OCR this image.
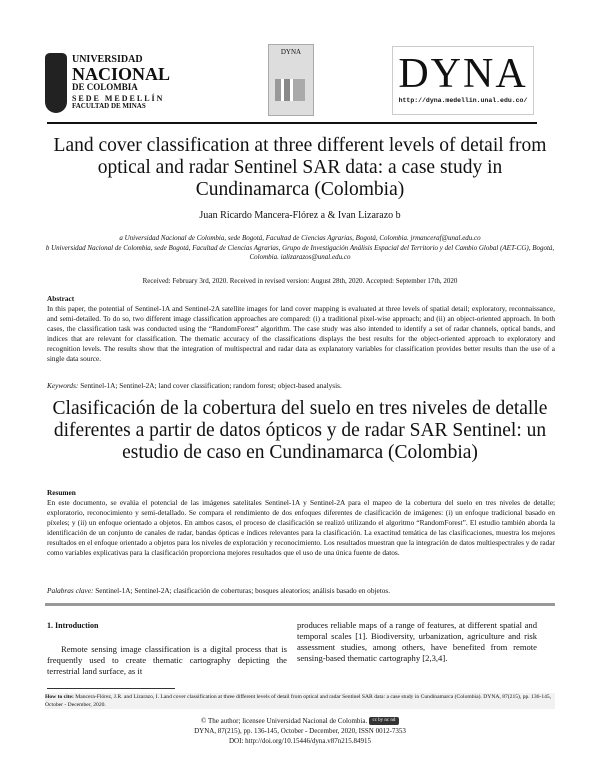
UNIVERSIDAD
NACIONAL
DE COLOMBIA
SEDE MEDELLÍN
FACULTAD DE MINAS
DYNA DYNA
http://dyna.medellin.unal.edu.co/
Land cover classification at three different levels of detail from optical and radar Sentinel SAR data: a case study in Cundinamarca (Colombia)
Juan Ricardo Mancera-Flórez a & Ivan Lizarazo b
a Universidad Nacional de Colombia, sede Bogotá, Facultad de Ciencias Agrarias, Bogotá, Colombia. jrmanceraf@unal.edu.co
b Universidad Nacional de Colombia, sede Bogotá, Facultad de Ciencias Agrarias, Grupo de Investigación Análisis Espacial del Territorio y del Cambio Global (AET-CG), Bogotá, Colombia. ializarazos@unal.edu.co
Received: February 3rd, 2020. Received in revised version: August 28th, 2020. Accepted: September 17th, 2020
Abstract
In this paper, the potential of Sentinel-1A and Sentinel-2A satellite images for land cover mapping is evaluated at three levels of spatial detail; exploratory, reconnaissance, and semi-detailed. To do so, two different image classification approaches are compared: (i) a traditional pixel-wise approach; and (ii) an object-oriented approach. In both cases, the classification task was conducted using the “RandomForest” algorithm. The case study was also intended to identify a set of radar channels, optical bands, and indices that are relevant for classification. The thematic accuracy of the classifications displays the best results for the object-oriented approach to exploratory and recognition levels. The results show that the integration of multispectral and radar data as explanatory variables for classification provides better results than the use of a single data source.
Keywords: Sentinel-1A; Sentinel-2A; land cover classification; random forest; object-based analysis.
Clasificación de la cobertura del suelo en tres niveles de detalle diferentes a partir de datos ópticos y de radar SAR Sentinel: un estudio de caso en Cundinamarca (Colombia)
Resumen
En este documento, se evalúa el potencial de las imágenes satelitales Sentinel-1A y Sentinel-2A para el mapeo de la cobertura del suelo en tres niveles de detalle; exploratorio, reconocimiento y semi-detallado. Se compara el rendimiento de dos enfoques diferentes de clasificación de imágenes: (i) un enfoque tradicional basado en píxeles; y (ii) un enfoque orientado a objetos. En ambos casos, el proceso de clasificación se realizó utilizando el algoritmo “RandomForest”. El estudio también aborda la identificación de un conjunto de canales de radar, bandas ópticas e índices relevantes para la clasificación. La exactitud temática de las clasificaciones, muestra los mejores resultados en el enfoque orientado a objetos para los niveles de exploración y reconocimiento. Los resultados muestran que la integración de datos multiespectrales y de radar como variables explicativas para la clasificación proporciona mejores resultados que el uso de una única fuente de datos.
Palabras clave: Sentinel-1A; Sentinel-2A; clasificación de coberturas; bosques aleatorios; análisis basado en objetos.
1. Introduction
Remote sensing image classification is a digital process that is frequently used to create thematic cartography depicting the terrestrial land surface, as it
produces reliable maps of a range of features, at different spatial and temporal scales [1]. Biodiversity, urbanization, agriculture and risk assessment studies, among others, have benefited from remote sensing-based thematic cartography [2,3,4].
How to cite: Mancera-Flórez, J.R. and Lizarazo, I. Land cover classification at three different levels of detail from optical and radar Sentinel SAR data: a case study in Cundinamarca (Colombia). DYNA, 87(215), pp. 136-145, October - December, 2020.
© The author; licensee Universidad Nacional de Colombia. cc by nc nd
DYNA, 87(215), pp. 136-145, October - December, 2020, ISSN 0012-7353
DOI: http://doi.org/10.15446/dyna.v87n215.84915
